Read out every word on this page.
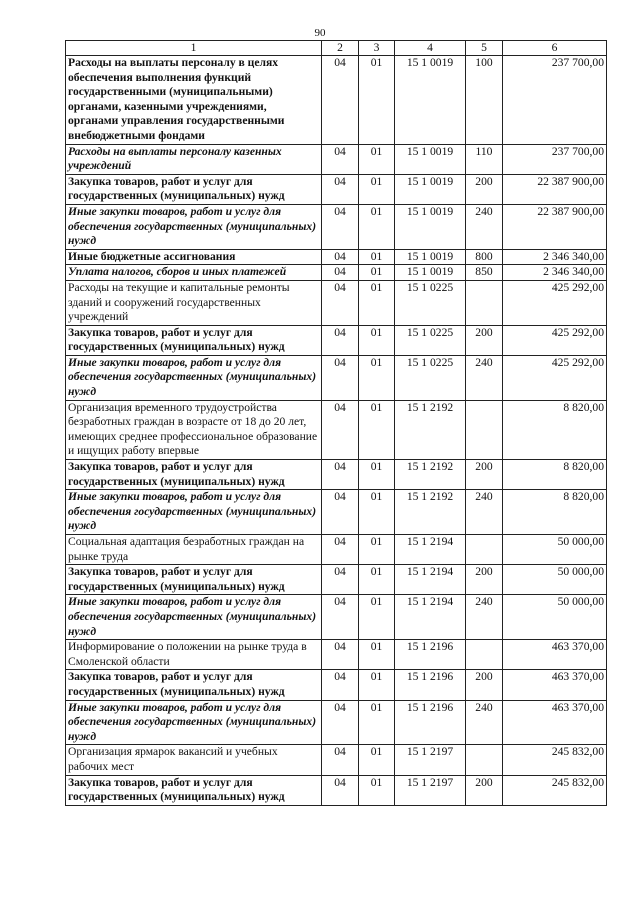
90
1	2	3	4	5	6
Расходы на выплаты персоналу в целях обеспечения выполнения функций государственными (муниципальными) органами, казенными учреждениями, органами управления государственными внебюджетными фондами	04	01	15 1 0019	100	237 700,00
Расходы на выплаты персоналу казенных учреждений	04	01	15 1 0019	110	237 700,00
Закупка товаров, работ и услуг для государственных (муниципальных) нужд	04	01	15 1 0019	200	22 387 900,00
Иные закупки товаров, работ и услуг для обеспечения государственных (муниципальных) нужд	04	01	15 1 0019	240	22 387 900,00
Иные бюджетные ассигнования	04	01	15 1 0019	800	2 346 340,00
Уплата налогов, сборов и иных платежей	04	01	15 1 0019	850	2 346 340,00
Расходы на текущие и капитальные ремонты зданий и сооружений государственных учреждений	04	01	15 1 0225		425 292,00
Закупка товаров, работ и услуг для государственных (муниципальных) нужд	04	01	15 1 0225	200	425 292,00
Иные закупки товаров, работ и услуг для обеспечения государственных (муниципальных) нужд	04	01	15 1 0225	240	425 292,00
Организация временного трудоустройства безработных граждан в возрасте от 18 до 20 лет, имеющих среднее профессиональное образование и ищущих работу впервые	04	01	15 1 2192		8 820,00
Закупка товаров, работ и услуг для государственных (муниципальных) нужд	04	01	15 1 2192	200	8 820,00
Иные закупки товаров, работ и услуг для обеспечения государственных (муниципальных) нужд	04	01	15 1 2192	240	8 820,00
Социальная адаптация безработных граждан на рынке труда	04	01	15 1 2194		50 000,00
Закупка товаров, работ и услуг для государственных (муниципальных) нужд	04	01	15 1 2194	200	50 000,00
Иные закупки товаров, работ и услуг для обеспечения государственных (муниципальных) нужд	04	01	15 1 2194	240	50 000,00
Информирование о положении на рынке труда в Смоленской области	04	01	15 1 2196		463 370,00
Закупка товаров, работ и услуг для государственных (муниципальных) нужд	04	01	15 1 2196	200	463 370,00
Иные закупки товаров, работ и услуг для обеспечения государственных (муниципальных) нужд	04	01	15 1 2196	240	463 370,00
Организация ярмарок вакансий и учебных рабочих мест	04	01	15 1 2197		245 832,00
Закупка товаров, работ и услуг для государственных (муниципальных) нужд	04	01	15 1 2197	200	245 832,00
